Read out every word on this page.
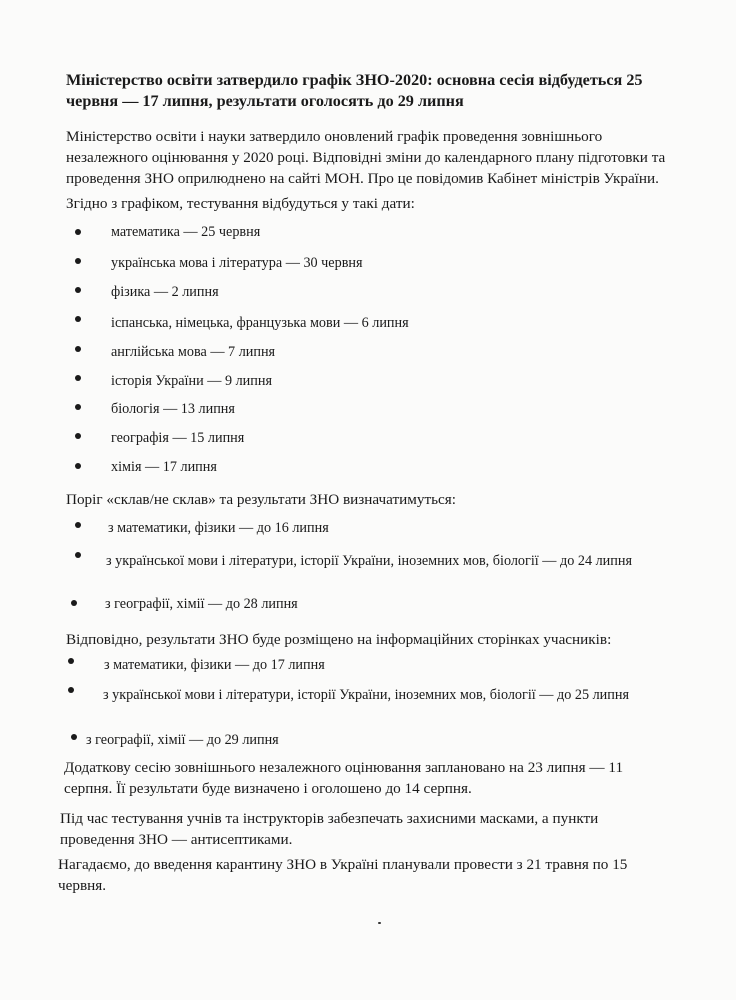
Міністерство освіти затвердило графік ЗНО-2020: основна сесія відбудеться 25 червня — 17 липня, результати оголосять до 29 липня
Міністерство освіти і науки затвердило оновлений графік проведення зовнішнього незалежного оцінювання у 2020 році. Відповідні зміни до календарного плану підготовки та проведення ЗНО оприлюднено на сайті МОН. Про це повідомив Кабінет міністрів України.
Згідно з графіком, тестування відбудуться у такі дати:
математика — 25 червня
українська мова і література — 30 червня
фізика — 2 липня
іспанська, німецька, французька мови — 6 липня
англійська мова — 7 липня
історія України — 9 липня
біологія — 13 липня
географія — 15 липня
хімія — 17 липня
Поріг «склав/не склав» та результати ЗНО визначатимуться:
з математики, фізики — до 16 липня
з української мови і літератури, історії України, іноземних мов, біології — до 24 липня
з географії, хімії — до 28 липня
Відповідно, результати ЗНО буде розміщено на інформаційних сторінках учасників:
з математики, фізики — до 17 липня
з української мови і літератури, історії України, іноземних мов, біології — до 25 липня
з географії, хімії — до 29 липня
Додаткову сесію зовнішнього незалежного оцінювання заплановано на 23 липня — 11 серпня. Її результати буде визначено і оголошено до 14 серпня.
Під час тестування учнів та інструкторів забезпечать захисними масками, а пункти проведення ЗНО — антисептиками.
Нагадаємо, до введення карантину ЗНО в Україні планували провести з 21 травня по 15 червня.
